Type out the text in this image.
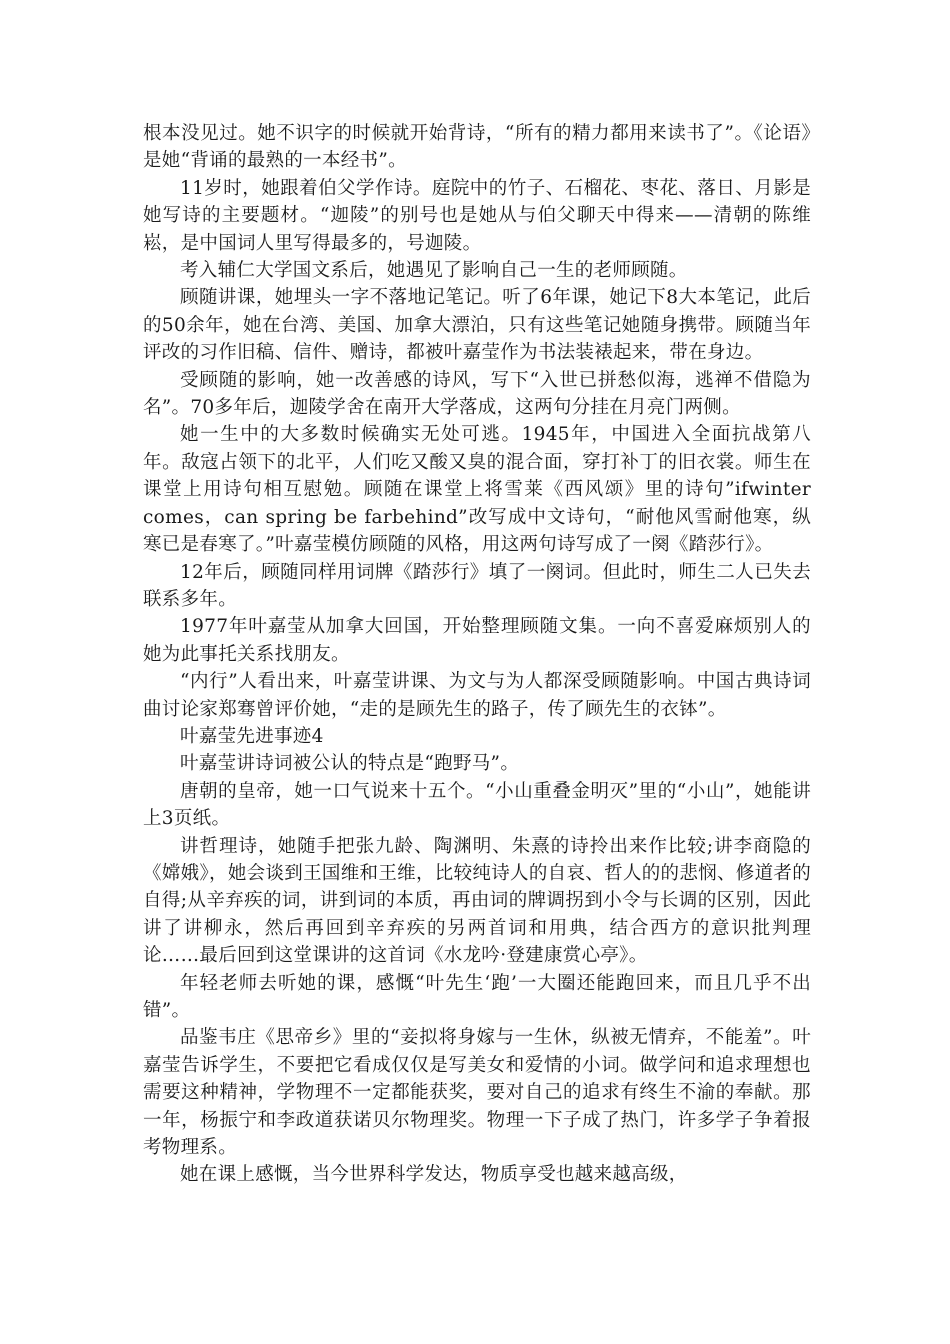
根本没见过。她不识字的时候就开始背诗，“所有的精力都用来读书了”。《论语》是她“背诵的最熟的一本经书”。

11岁时，她跟着伯父学作诗。庭院中的竹子、石榴花、枣花、落日、月影是她写诗的主要题材。“迦陵”的别号也是她从与伯父聊天中得来——清朝的陈维崧，是中国词人里写得最多的，号迦陵。

考入辅仁大学国文系后，她遇见了影响自己一生的老师顾随。

顾随讲课，她埋头一字不落地记笔记。听了6年课，她记下8大本笔记，此后的50余年，她在台湾、美国、加拿大漂泊，只有这些笔记她随身携带。顾随当年评改的习作旧稿、信件、赠诗，都被叶嘉莹作为书法装裱起来，带在身边。

受顾随的影响，她一改善感的诗风，写下“入世已拼愁似海，逃禅不借隐为名”。70多年后，迦陵学舍在南开大学落成，这两句分挂在月亮门两侧。

她一生中的大多数时候确实无处可逃。1945年，中国进入全面抗战第八年。敌寇占领下的北平，人们吃又酸又臭的混合面，穿打补丁的旧衣裳。师生在课堂上用诗句相互慰勉。顾随在课堂上将雪莱《西风颂》里的诗句”ifwinter comes，can spring be farbehind”改写成中文诗句，“耐他风雪耐他寒，纵寒已是春寒了。”叶嘉莹模仿顾随的风格，用这两句诗写成了一阕《踏莎行》。

12年后，顾随同样用词牌《踏莎行》填了一阕词。但此时，师生二人已失去联系多年。

1977年叶嘉莹从加拿大回国，开始整理顾随文集。一向不喜爱麻烦别人的她为此事托关系找朋友。

“内行”人看出来，叶嘉莹讲课、为文与为人都深受顾随影响。中国古典诗词曲讨论家郑骞曾评价她，“走的是顾先生的路子，传了顾先生的衣钵”。

叶嘉莹先进事迹4

叶嘉莹讲诗词被公认的特点是“跑野马”。

唐朝的皇帝，她一口气说来十五个。“小山重叠金明灭”里的“小山”，她能讲上3页纸。

讲哲理诗，她随手把张九龄、陶渊明、朱熹的诗拎出来作比较;讲李商隐的《嫦娥》，她会谈到王国维和王维，比较纯诗人的自哀、哲人的的悲悯、修道者的自得;从辛弃疾的词，讲到词的本质，再由词的牌调拐到小令与长调的区别，因此讲了讲柳永，然后再回到辛弃疾的另两首词和用典，结合西方的意识批判理论……最后回到这堂课讲的这首词《水龙吟·登建康赏心亭》。

年轻老师去听她的课，感慨“叶先生‘跑’一大圈还能跑回来，而且几乎不出错”。

品鉴韦庄《思帝乡》里的“妾拟将身嫁与一生休，纵被无情弃，不能羞”。叶嘉莹告诉学生，不要把它看成仅仅是写美女和爱情的小词。做学问和追求理想也需要这种精神，学物理不一定都能获奖，要对自己的追求有终生不渝的奉献。那一年，杨振宁和李政道获诺贝尔物理奖。物理一下子成了热门，许多学子争着报考物理系。

她在课上感慨，当今世界科学发达，物质享受也越来越高级，
